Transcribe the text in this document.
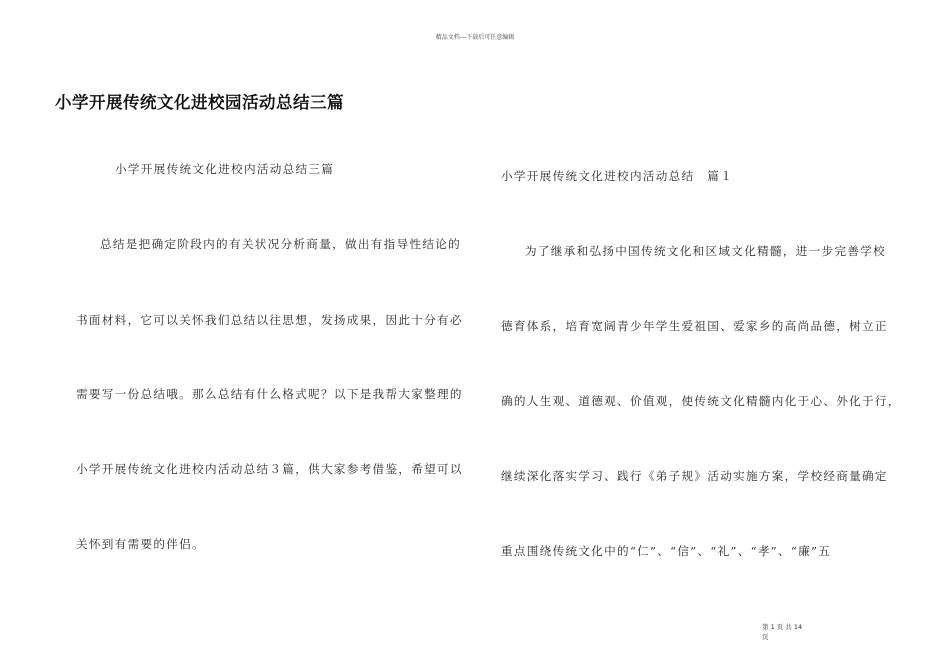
精品文档---下载后可任意编辑
小学开展传统文化进校园活动总结三篇
小学开展传统文化进校内活动总结三篇
总结是把确定阶段内的有关状况分析商量，做出有指导性结论的
书面材料，它可以关怀我们总结以往思想，发扬成果，因此十分有必
需要写一份总结哦。那么总结有什么格式呢？以下是我帮大家整理的
小学开展传统文化进校内活动总结３篇，供大家参考借鉴，希望可以
关怀到有需要的伴侣。
小学开展传统文化进校内活动总结　篇１
为了继承和弘扬中国传统文化和区域文化精髓，进一步完善学校
德育体系，培育宽阔青少年学生爱祖国、爱家乡的高尚品德，树立正
确的人生观、道德观、价值观，使传统文化精髓内化于心、外化于行，
继续深化落实学习、践行《弟子规》活动实施方案，学校经商量确定
重点围绕传统文化中的“仁”、“信”、“礼”、“孝”、“廉”五
第 1 页 共 14
页
